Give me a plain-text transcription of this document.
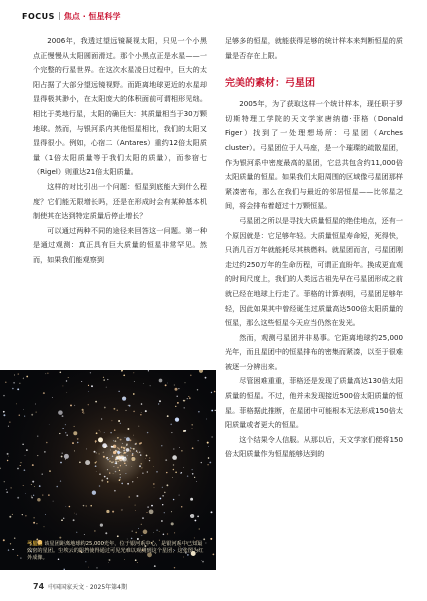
FOCUS 焦点 · 恒星科学

2006年，我透过望远镜凝视太阳，只见一个小黑点正慢慢从太阳圆面滑过。那个小黑点正是水星——一个完整的行星世界。在这次水星凌日过程中，巨大的太阳占据了大部分望远镜视野。而距离地球更近的水星却显得极其渺小，在太阳庞大的体积面前可谓相形见绌。相比于类地行星，太阳的确巨大：其质量相当于30万颗地球。然而，与银河系内其他恒星相比，我们的太阳又显得很小。例如，心宿二（Antares）重约12倍太阳质量（1倍太阳质量等于我们太阳的质量），而参宿七（Rigel）则重达21倍太阳质量。

这样的对比引出一个问题：恒星到底能大到什么程度？它们能无限增长吗，还是在形成时会有某种基本机制使其在达到特定质量后停止增长？

可以通过两种不同的途径来回答这一问题。第一种是通过观测：真正具有巨大质量的恒星非常罕见。然而，如果我们能观察到

弓星团 该星团距离地球约25,000光年，位于银河系中心，是银河系中已知最致密的星团。尘埃云的阻挡使得通过可见光难以观测到这个星团；这张图为红外成像。

足够多的恒星，就能获得足够的统计样本来判断恒星的质量是否存在上限。

完美的素材：弓星团

2005年，为了获取这样一个统计样本，现任职于罗切斯特理工学院的天文学家唐纳德·菲格（Donald Figer）找到了一处理想场所：弓星团（Arches cluster）。弓星团位于人马座，是一个璀璨的疏散星团，作为银河系中密度最高的星团，它总共包含约11,000倍太阳质量的恒星。如果我们太阳周围的区域像弓星团那样紧凑密布，那么在我们与最近的邻居恒星——比邻星之间，将会排布着超过十万颗恒星。

弓星团之所以是寻找大质量恒星的绝佳地点，还有一个原因就是：它足够年轻。大质量恒星寿命短，死得快，只消几百万年就能耗尽其核燃料。就星团而言，弓星团刚走过约250万年的生命历程，可谓正直盼年。换成更直观的时间尺度上，我们的人类远古祖先早在弓星团形成之前就已经在地球上行走了。菲格的计算表明，弓星团足够年轻，因此如果其中曾经诞生过质量高达500倍太阳质量的恒星，那么这些恒星今天应当仍然在发光。

然而，观测弓星团并非易事。它距离地球约25,000光年，而且星团中的恒星排布的密集而紧凑，以至于很难被逐一分辨出来。

尽管困难重重，菲格还是发现了质量高达130倍太阳质量的恒星。不过，他并未发现接近500倍太阳质量的恒星。菲格据此推断，在星团中可能根本无法形成150倍太阳质量或者更大的恒星。

这个结果令人信服。从那以后，天文学家们便将150倍太阳质量作为恒星能够达到的

74 中国国家天文 · 2025年第4期
